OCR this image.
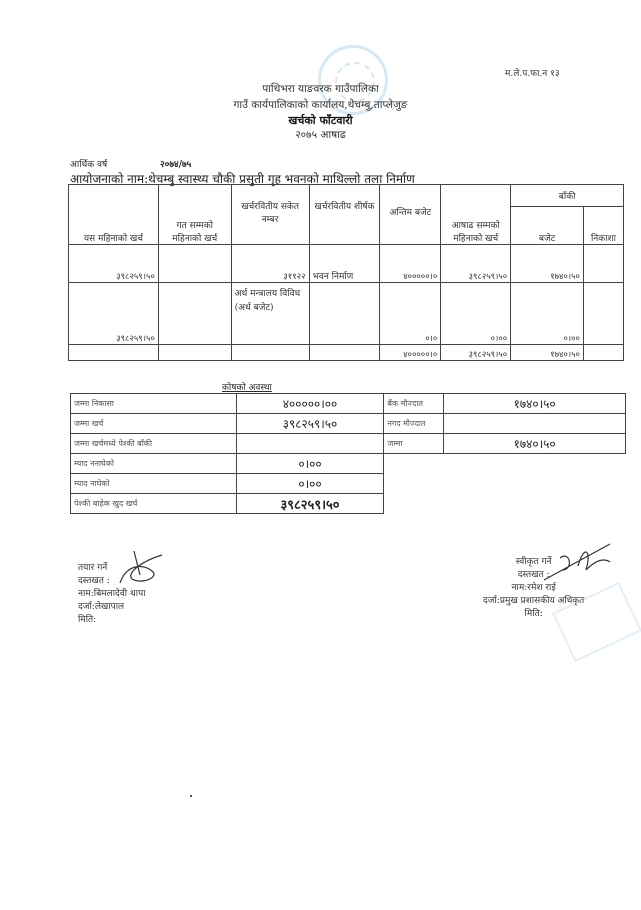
म.ले.प.फा.न १३
पाथिभरा याङवरक गाउँपालिका
गाउँ कार्यपालिकाको कार्यालय,थेचम्बु,ताप्लेजुङ
खर्चको फाँटवारी
२०७५ आषाढ
आर्थिक वर्ष	२०७४/७५
आयोजनाको नाम:थेचम्बु स्वास्थ्य चौकी प्रसुती गृह भवनको माथिल्लो तला निर्माण
यस महिनाको खर्च	गत सम्मको महिनाको खर्च	खर्चरवितीय सकेत नम्बर	खर्चरवितीय शीर्षक	अन्तिम बजेट	आषाढ सम्मको महिनाको खर्च	बाँकी	
						बजेट	निकाशा
३९८२५९।५०		३११२२	भवन निर्माण	४०००००।०	३९८२५९।५०	१७४०।५०	
३९८२५९।५०		अर्थ मन्त्रालय विविध (अर्थ बजेट)		०।०	०।००	०।००	
				४०००००।०	३९८२५९।५०	१७४०।५०	
कोषको अवस्था
जम्मा निकासा	४०००००।००	बैंक मौज्दात	१७४०।५०
जम्मा खर्च	३९८२५९।५०	नगद मौज्दात	
जम्मा खर्चमध्ये पेश्की बाँकी		जम्मा	१७४०।५०
म्याद ननाघेको	०।००		
म्याद नाघेको	०।००		
पेश्की बाहेक खुद खर्च	३९८२५९।५०		
तयार गर्ने
दस्तखत :
नाम:बिमलादेवी थापा
दर्जा:लेखापाल
मिति:
स्वीकृत गर्ने
दस्तखत :
नाम:रमेश राई
दर्जा:प्रमुख प्रशासकीय अधिकृत
मिति:
